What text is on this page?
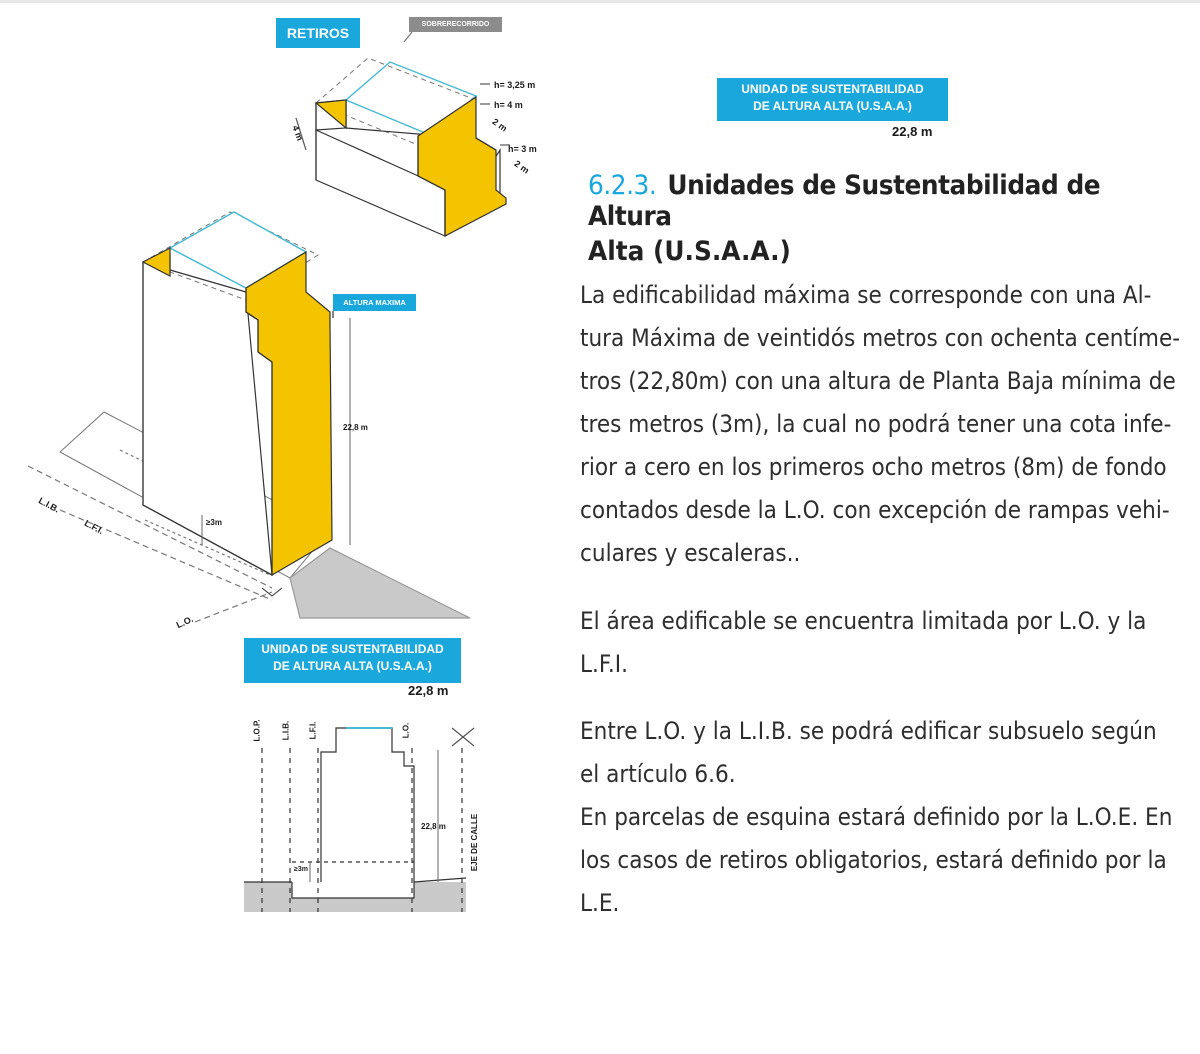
RETIROS
SOBRERECORRIDO
h= 3,25 m
h= 4 m
2 m
h= 3 m
2 m
4 m
ALTURA MAXIMA
22,8 m
≥3m
L.I.B.
L.F.I.
L.O.
UNIDAD DE SUSTENTABILIDAD
DE ALTURA ALTA (U.S.A.A.)
22,8 m
UNIDAD DE SUSTENTABILIDAD
DE ALTURA ALTA (U.S.A.A.)
22,8 m
L.O.P. L.I.B. L.F.I.	L.O.
22,8 m
≥3m	EJE DE CALLE
6.2.3. Unidades de Sustentabilidad de Altura
Alta (U.S.A.A.)

La edificabilidad máxima se corresponde con una Al-
tura Máxima de veintidós metros con ochenta centíme-
tros (22,80m) con una altura de Planta Baja mínima de
tres metros (3m), la cual no podrá tener una cota infe-
rior a cero en los primeros ocho metros (8m) de fondo
contados desde la L.O. con excepción de rampas vehi-
culares y escaleras..

El área edificable se encuentra limitada por L.O. y la
L.F.I.

Entre L.O. y la L.I.B. se podrá edificar subsuelo según
el artículo 6.6.
En parcelas de esquina estará definido por la L.O.E. En
los casos de retiros obligatorios, estará definido por la
L.E.
